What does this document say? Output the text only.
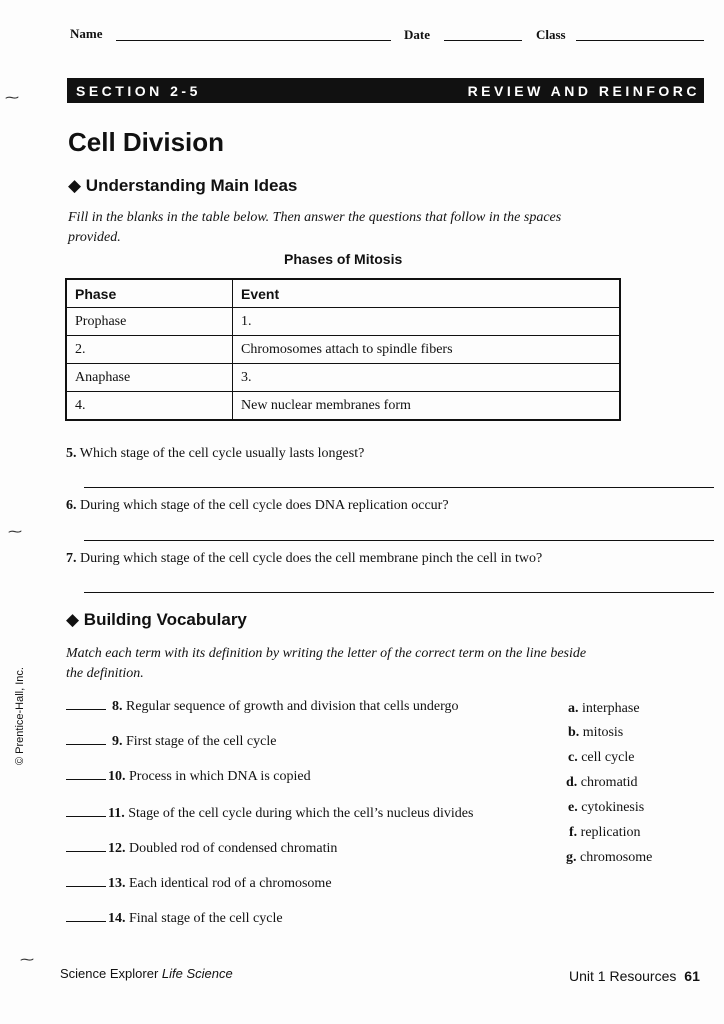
Name	Date	Class
SECTION 2-5	REVIEW AND REINFORC
Cell Division
◆ Understanding Main Ideas
Fill in the blanks in the table below. Then answer the questions that follow in the spaces provided.
Phases of Mitosis
Phase	Event
Prophase	1.
2.	Chromosomes attach to spindle fibers
Anaphase	3.
4.	New nuclear membranes form
5. Which stage of the cell cycle usually lasts longest?
6. During which stage of the cell cycle does DNA replication occur?
7. During which stage of the cell cycle does the cell membrane pinch the cell in two?
◆ Building Vocabulary
Match each term with its definition by writing the letter of the correct term on the line beside the definition.
8. Regular sequence of growth and division that cells undergo
9. First stage of the cell cycle
10. Process in which DNA is copied
11. Stage of the cell cycle during which the cell’s nucleus divides
12. Doubled rod of condensed chromatin
13. Each identical rod of a chromosome
14. Final stage of the cell cycle
a. interphase
b. mitosis
c. cell cycle
d. chromatid
e. cytokinesis
f. replication
g. chromosome
© Prentice-Hall, Inc.
⁓
⁓
⁓
Science Explorer Life Science	Unit 1 Resources 61
